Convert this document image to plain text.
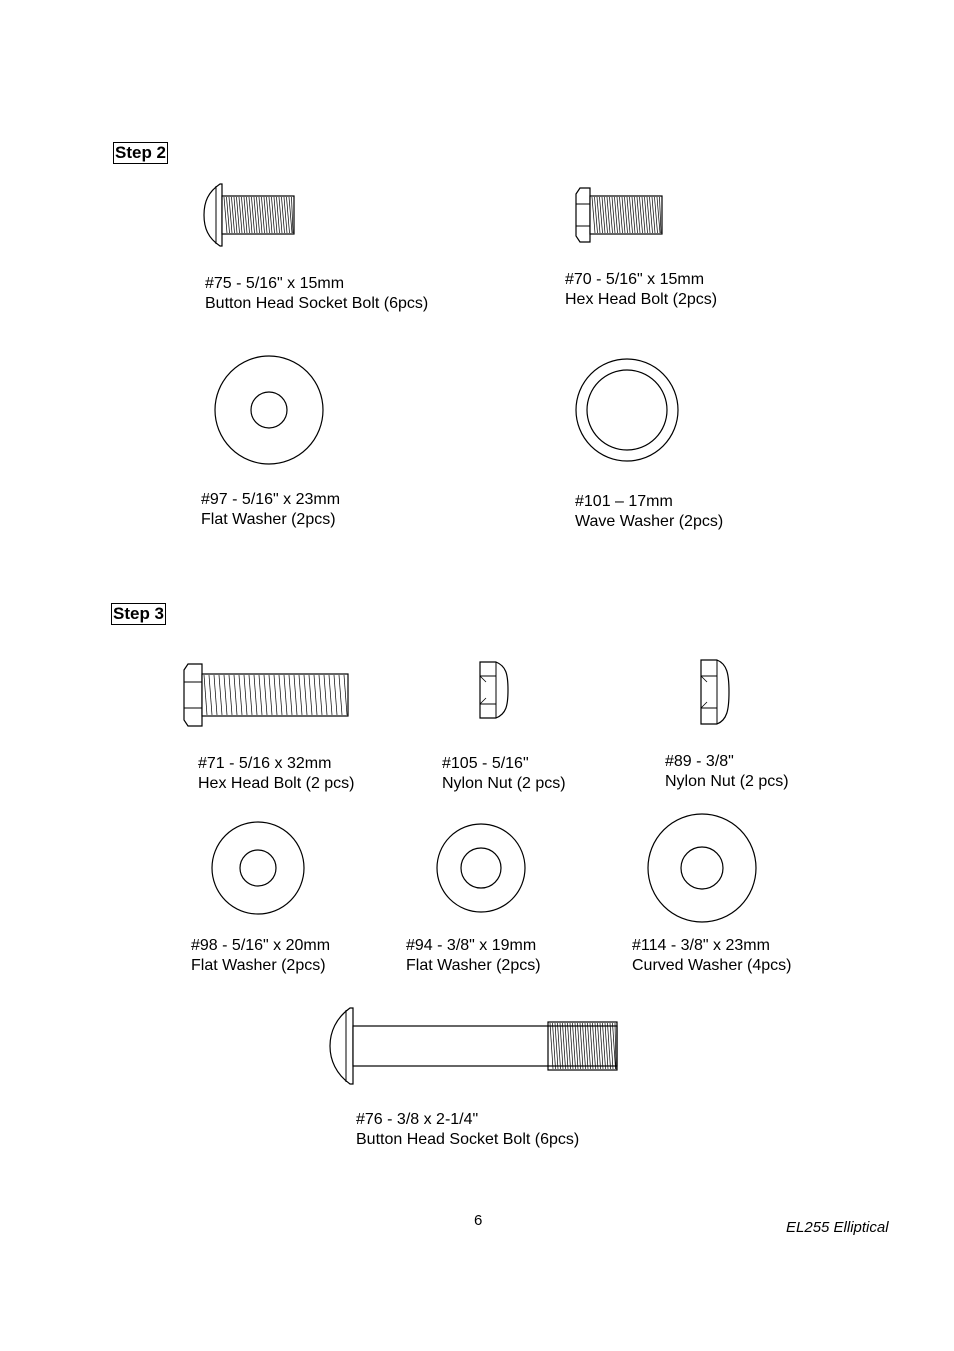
Step 2
Step 3
#75 - 5/16" x 15mm
Button Head Socket Bolt (6pcs)
#70 - 5/16" x 15mm
Hex Head Bolt (2pcs)
#97 - 5/16" x 23mm
Flat Washer (2pcs)
#101 – 17mm
Wave Washer (2pcs)
#71 - 5/16 x 32mm
Hex Head Bolt (2 pcs)
#105 - 5/16"
Nylon Nut (2 pcs)
#89 - 3/8"
Nylon Nut (2 pcs)
#98 - 5/16" x 20mm
Flat Washer (2pcs)
#94 - 3/8" x 19mm
Flat Washer (2pcs)
#114 - 3/8" x 23mm
Curved Washer (4pcs)
#76 - 3/8 x 2-1/4"
Button Head Socket Bolt (6pcs)
6	EL255 Elliptical
